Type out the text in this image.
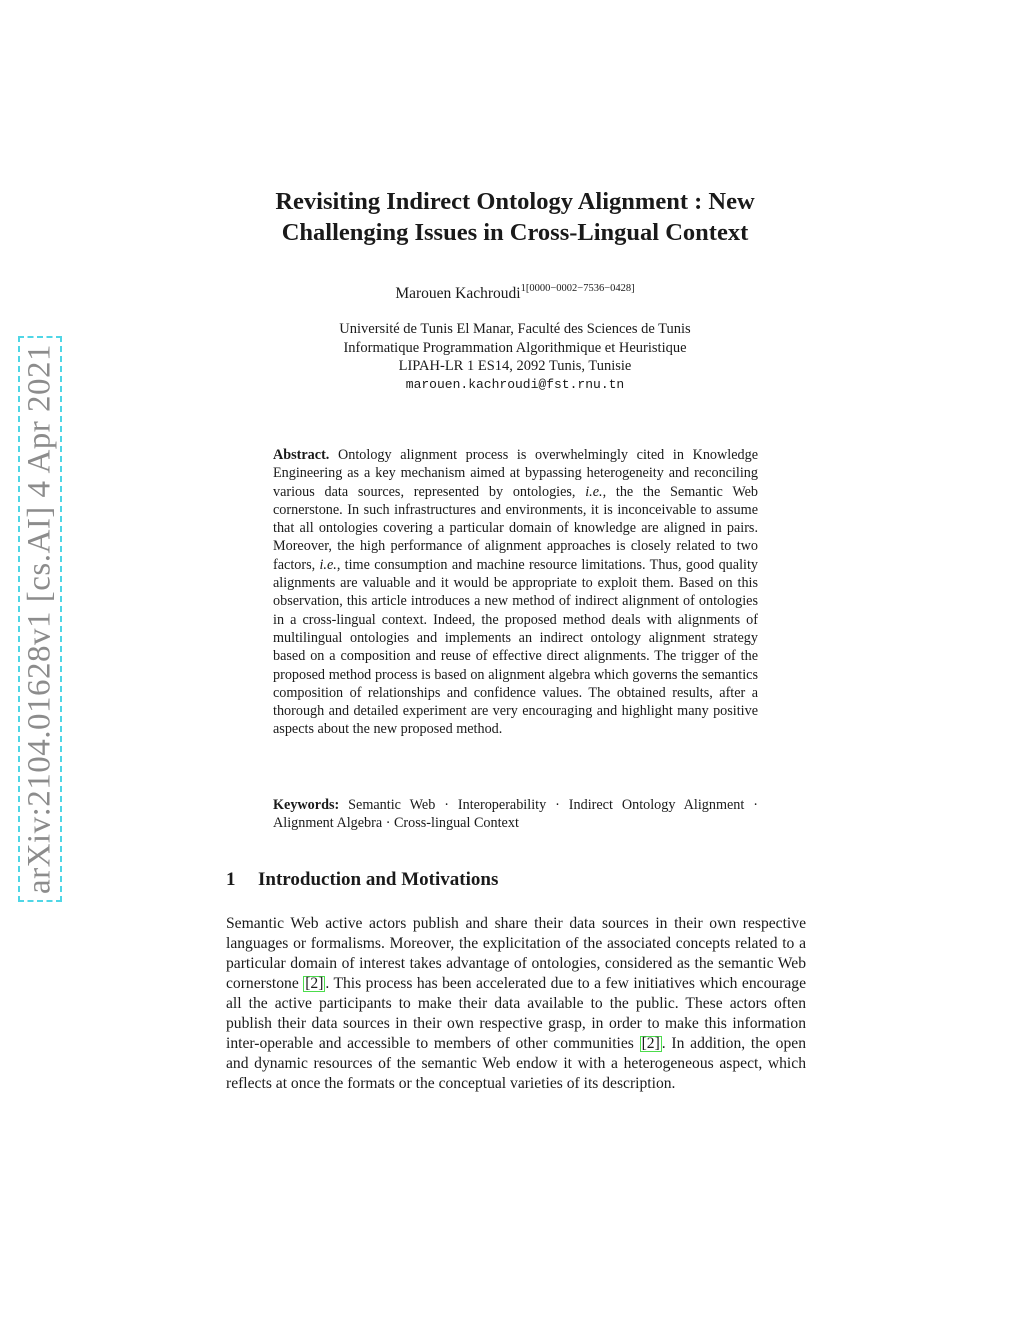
arXiv:2104.01628v1 [cs.AI] 4 Apr 2021
Revisiting Indirect Ontology Alignment : New
Challenging Issues in Cross-Lingual Context
Marouen Kachroudi$^{1[0000-0002-7536-0428]}$
Université de Tunis El Manar, Faculté des Sciences de Tunis
Informatique Programmation Algorithmique et Heuristique
LIPAH-LR 1 ES14, 2092 Tunis, Tunisie
marouen.kachroudi@fst.rnu.tn
Abstract. Ontology alignment process is overwhelmingly cited in Knowledge Engineering as a key mechanism aimed at bypassing heterogeneity and reconciling various data sources, represented by ontologies, i.e., the the Semantic Web cornerstone. In such infrastructures and environments, it is inconceivable to assume that all ontologies covering a particular domain of knowledge are aligned in pairs. Moreover, the high performance of alignment approaches is closely related to two factors, i.e., time consumption and machine resource limitations. Thus, good quality alignments are valuable and it would be appropriate to exploit them. Based on this observation, this article introduces a new method of indirect alignment of ontologies in a cross-lingual context. Indeed, the proposed method deals with alignments of multilingual ontologies and implements an indirect ontology alignment strategy based on a composition and reuse of effective direct alignments. The trigger of the proposed method process is based on alignment algebra which governs the semantics composition of relationships and confidence values. The obtained results, after a thorough and detailed experiment are very encouraging and highlight many positive aspects about the new proposed method.
Keywords: Semantic Web · Interoperability · Indirect Ontology Alignment · Alignment Algebra · Cross-lingual Context
1 Introduction and Motivations
Semantic Web active actors publish and share their data sources in their own respective languages or formalisms. Moreover, the explicitation of the associated concepts related to a particular domain of interest takes advantage of ontologies, considered as the semantic Web cornerstone [2] . This process has been accelerated due to a few initiatives which encourage all the active participants to make their data available to the public. These actors often publish their data sources in their own respective grasp, in order to make this information inter-operable and accessible to members of other communities [2] . In addition, the open and dynamic resources of the semantic Web endow it with a heterogeneous aspect, which reflects at once the formats or the conceptual varieties of its description.
